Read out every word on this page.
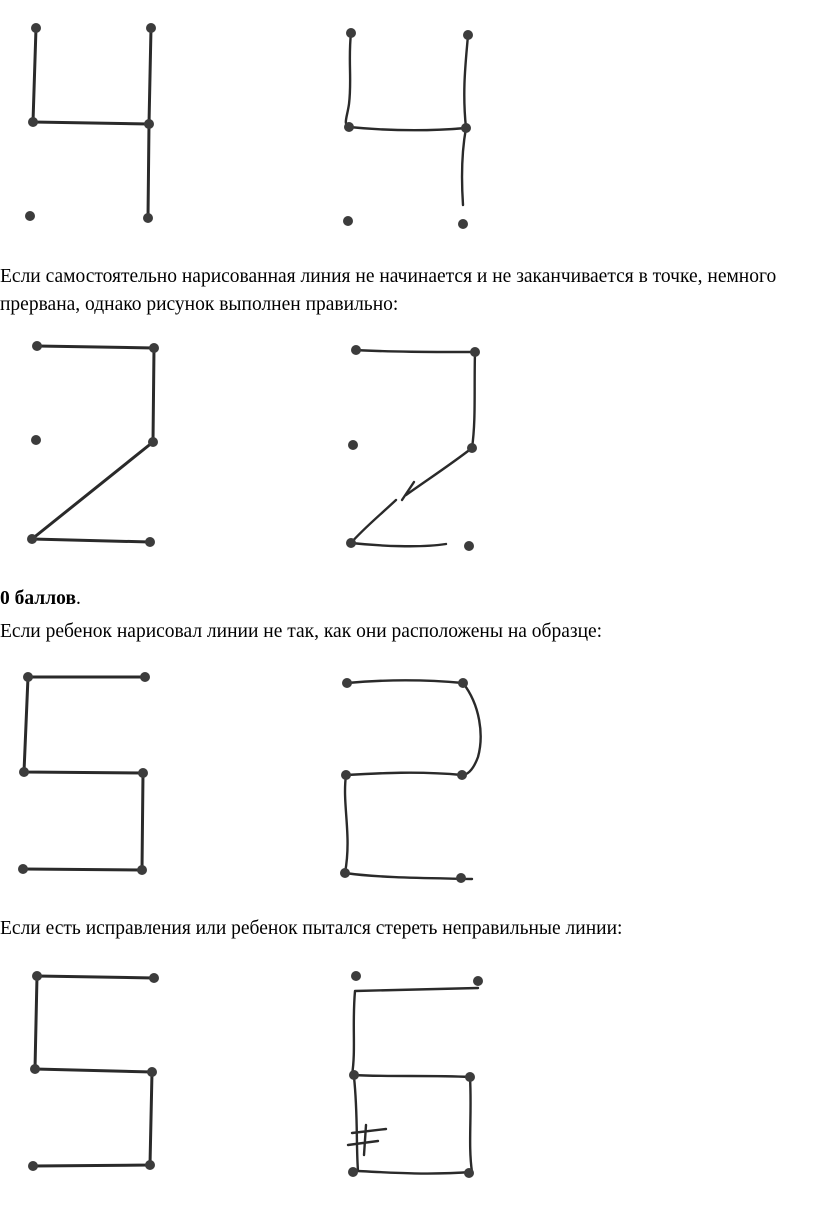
Если самостоятельно нарисованная линия не начинается и не заканчивается в точке, немного прервана, однако рисунок выполнен правильно:

0 баллов.

Если ребенок нарисовал линии не так, как они расположены на образце:

Если есть исправления или ребенок пытался стереть неправильные линии:
